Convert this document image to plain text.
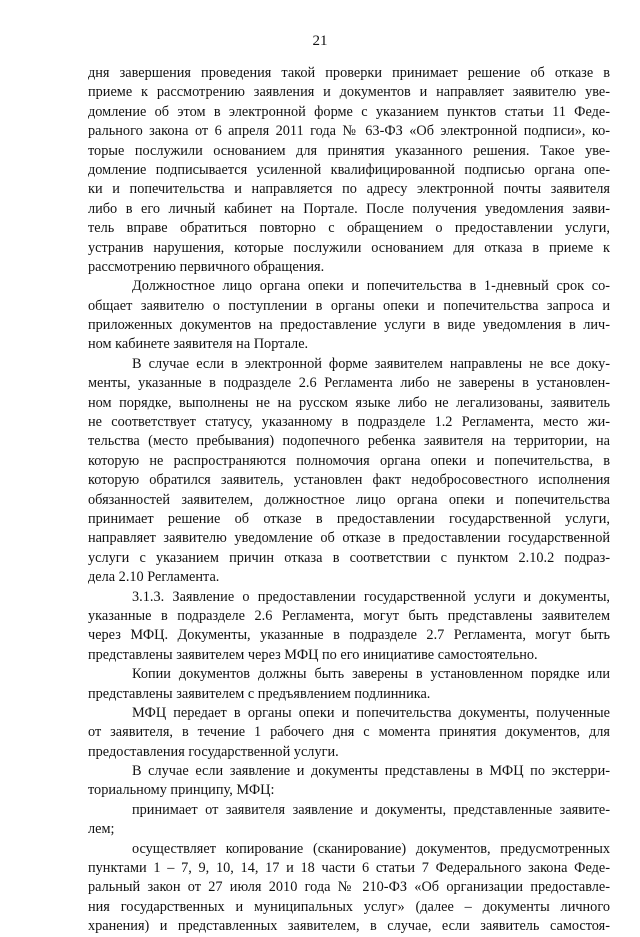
21
дня завершения проведения такой проверки принимает решение об отказе в
приеме к рассмотрению заявления и документов и направляет заявителю уве-
домление об этом в электронной форме с указанием пунктов статьи 11 Феде-
рального закона от 6 апреля 2011 года № 63-ФЗ «Об электронной подписи», ко-
торые послужили основанием для принятия указанного решения. Такое уве-
домление подписывается усиленной квалифицированной подписью органа опе-
ки и попечительства и направляется по адресу электронной почты заявителя
либо в его личный кабинет на Портале. После получения уведомления заяви-
тель вправе обратиться повторно с обращением о предоставлении услуги,
устранив нарушения, которые послужили основанием для отказа в приеме к
рассмотрению первичного обращения.
Должностное лицо органа опеки и попечительства в 1-дневный срок со-
общает заявителю о поступлении в органы опеки и попечительства запроса и
приложенных документов на предоставление услуги в виде уведомления в лич-
ном кабинете заявителя на Портале.
В случае если в электронной форме заявителем направлены не все доку-
менты, указанные в подразделе 2.6 Регламента либо не заверены в установлен-
ном порядке, выполнены не на русском языке либо не легализованы, заявитель
не соответствует статусу, указанному в подразделе 1.2 Регламента, место жи-
тельства (место пребывания) подопечного ребенка заявителя на территории, на
которую не распространяются полномочия органа опеки и попечительства, в
которую обратился заявитель, установлен факт недобросовестного исполнения
обязанностей заявителем, должностное лицо органа опеки и попечительства
принимает решение об отказе в предоставлении государственной услуги,
направляет заявителю уведомление об отказе в предоставлении государственной
услуги с указанием причин отказа в соответствии с пунктом 2.10.2 подраз-
дела 2.10 Регламента.
3.1.3. Заявление о предоставлении государственной услуги и документы,
указанные в подразделе 2.6 Регламента, могут быть представлены заявителем
через МФЦ. Документы, указанные в подразделе 2.7 Регламента, могут быть
представлены заявителем через МФЦ по его инициативе самостоятельно.
Копии документов должны быть заверены в установленном порядке или
представлены заявителем с предъявлением подлинника.
МФЦ передает в органы опеки и попечительства документы, полученные
от заявителя, в течение 1 рабочего дня с момента принятия документов, для
предоставления государственной услуги.
В случае если заявление и документы представлены в МФЦ по экстерри-
ториальному принципу, МФЦ:
принимает от заявителя заявление и документы, представленные заявите-
лем;
осуществляет копирование (сканирование) документов, предусмотренных
пунктами 1 – 7, 9, 10, 14, 17 и 18 части 6 статьи 7 Федерального закона Феде-
ральный закон от 27 июля 2010 года № 210-ФЗ «Об организации предоставле-
ния государственных и муниципальных услуг» (далее – документы личного
хранения) и представленных заявителем, в случае, если заявитель самостоя-
